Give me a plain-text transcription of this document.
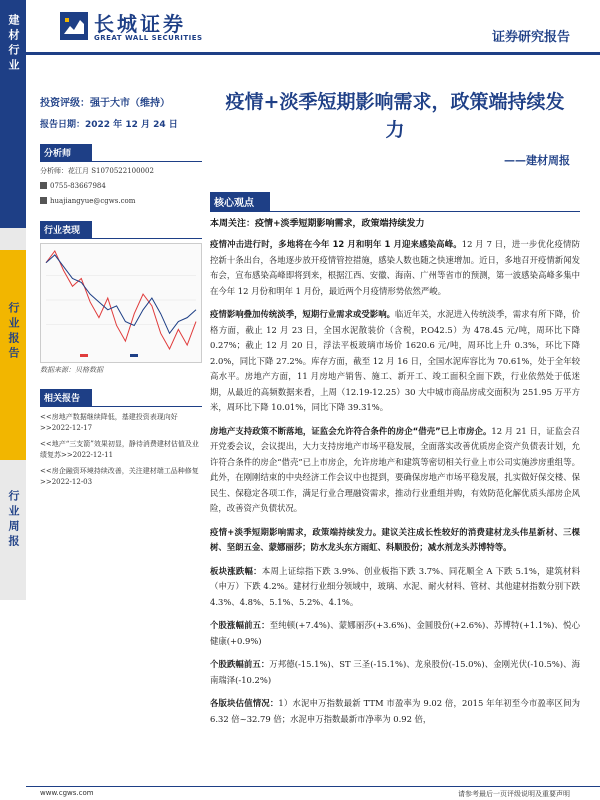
建材行业
行业报告
行业周报
长城证券
GREAT WALL SECURITIES	证券研究报告
投资评级：强于大市（维持）
报告日期：2022 年 12 月 24 日
分析师
分析师：花江月 S1070522100002
0755-83667984
huajiangyue@cgws.com
行业表现
数据来源：贝格数据
相关报告
<<房地产数据继续降低，基建投资表现向好>>2022-12-17
<<地产“三支箭”效果初显，静待消费建材估值及业绩复苏>>2022-12-11
<<房企融资环境持续改善，关注建材端工品种修复>>2022-12-03
疫情+淡季短期影响需求，政策端持续发力
——建材周报
核心观点
本周关注：疫情+淡季短期影响需求，政策端持续发力

疫情冲击进行时，多地将在今年 12 月和明年 1 月迎来感染高峰。12 月 7 日，进一步优化疫情防控新十条出台，各地逐步放开疫情管控措施，感染人数也随之快速增加。近日，多地召开疫情新闻发布会，宣布感染高峰即将到来，根据江西、安徽、海南、广州等省市的预测，第一波感染高峰多集中在今年 12 月份和明年 1 月份，最近两个月疫情形势依然严峻。

疫情影响叠加传统淡季，短期行业需求或受影响。临近年关，水泥进入传统淡季，需求有所下降，价格方面，截止 12 月 23 日，全国水泥散装价（含税，P.O42.5）为 478.45 元/吨，周环比下降 0.27%；截止 12 月 20 日，浮法平板玻璃市场价 1620.6 元/吨，周环比上升 0.3%，环比下降 2.0%，同比下降 27.2%。库存方面，截至 12 月 16 日，全国水泥库容比为 70.61%，处于全年较高水平。房地产方面，11 月房地产销售、施工、新开工、竣工面积全面下跌，行业依然处于低迷期，从最近的高频数据来看，上周（12.19-12.25）30 大中城市商品房成交面积为 251.95 万平方米，周环比下降 10.01%，同比下降 39.31%。

房地产支持政策不断落地，证监会允许符合条件的房企“借壳”已上市房企。12 月 21 日，证监会召开党委会议，会议提出，大力支持房地产市场平稳发展，全面落实改善优质房企资产负债表计划，允许符合条件的房企“借壳”已上市房企，允许房地产和建筑等密切相关行业上市公司实施涉房重组等。此外，在刚刚结束的中央经济工作会议中也提到，要确保房地产市场平稳发展，扎实做好保交楼、保民生、保稳定各项工作，满足行业合理融资需求，推动行业重组并购，有效防范化解优质头部房企风险，改善资产负债状况。

疫情+淡季短期影响需求，政策端持续发力。建议关注成长性较好的消费建材龙头伟星新材、三棵树、坚朗五金、蒙娜丽莎；防水龙头东方雨虹、科顺股份；减水剂龙头苏博特等。

板块涨跌幅：本周上证综指下跌 3.9%、创业板指下跌 3.7%、同花顺全 A 下跌 5.1%，建筑材料（申万）下跌 4.2%。建材行业细分领域中，玻璃、水泥、耐火材料、管材、其他建材指数分别下跌 4.3%、4.8%、5.1%、5.2%、4.1%。

个股涨幅前五：至纯顿(+7.4%)、蒙娜丽莎(+3.6%)、金圆股份(+2.6%)、苏博特(+1.1%)、悦心健康(+0.9%)

个股跌幅前五：万邦德(-15.1%)、ST 三圣(-15.1%)、龙泉股份(-15.0%)、金刚光伏(-10.5%)、海南瑞泽(-10.2%)

各版块估值情况：1）水泥申万指数最新 TTM 市盈率为 9.02 倍，2015 年年初至今市盈率区间为 6.32 倍~32.79 倍；水泥申万指数最新市净率为 0.92 倍，

www.cgws.com	请参考最后一页评级说明及重要声明
